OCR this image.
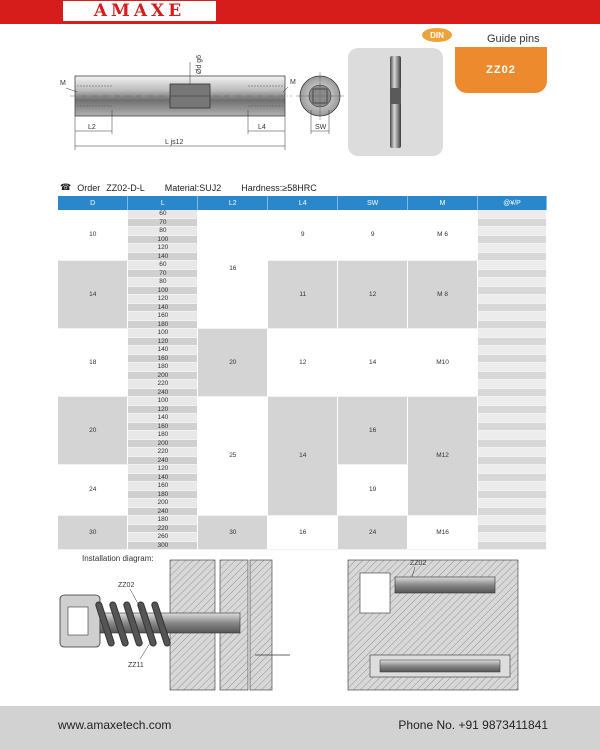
AMAXE
DIN	Guide pins
ZZ02
Ød g6
M	M
L2	L4
L js12
SW
☎ Order ZZ02-D-L Material:SUJ2 Hardness:≥58HRC
D	L	L2	L4	SW	M	@¥/P
10	60	16	9	9	M 6	
	70					
	80					
	100					
	120					
	140					
14	60		11	12	M 8	
	70					
	80					
	100					
	120					
	140					
	160					
	180					
18	100	20	12	14	M10	
	120					
	140					
	160					
	180					
	200					
	220					
	240					
20	100	25	14	16	M12	
	120					
	140					
	160					
	180					
	200					
	220					
	240					
24	120			19		
	140					
	160					
	180					
	200					
	240					
30	180	30	16	24	M16	
	220					
	260					
	300					
Installation diagram:
ZZ02
ZZ11
ZZ02
www.amaxetech.com	Phone No. +91 9873411841
